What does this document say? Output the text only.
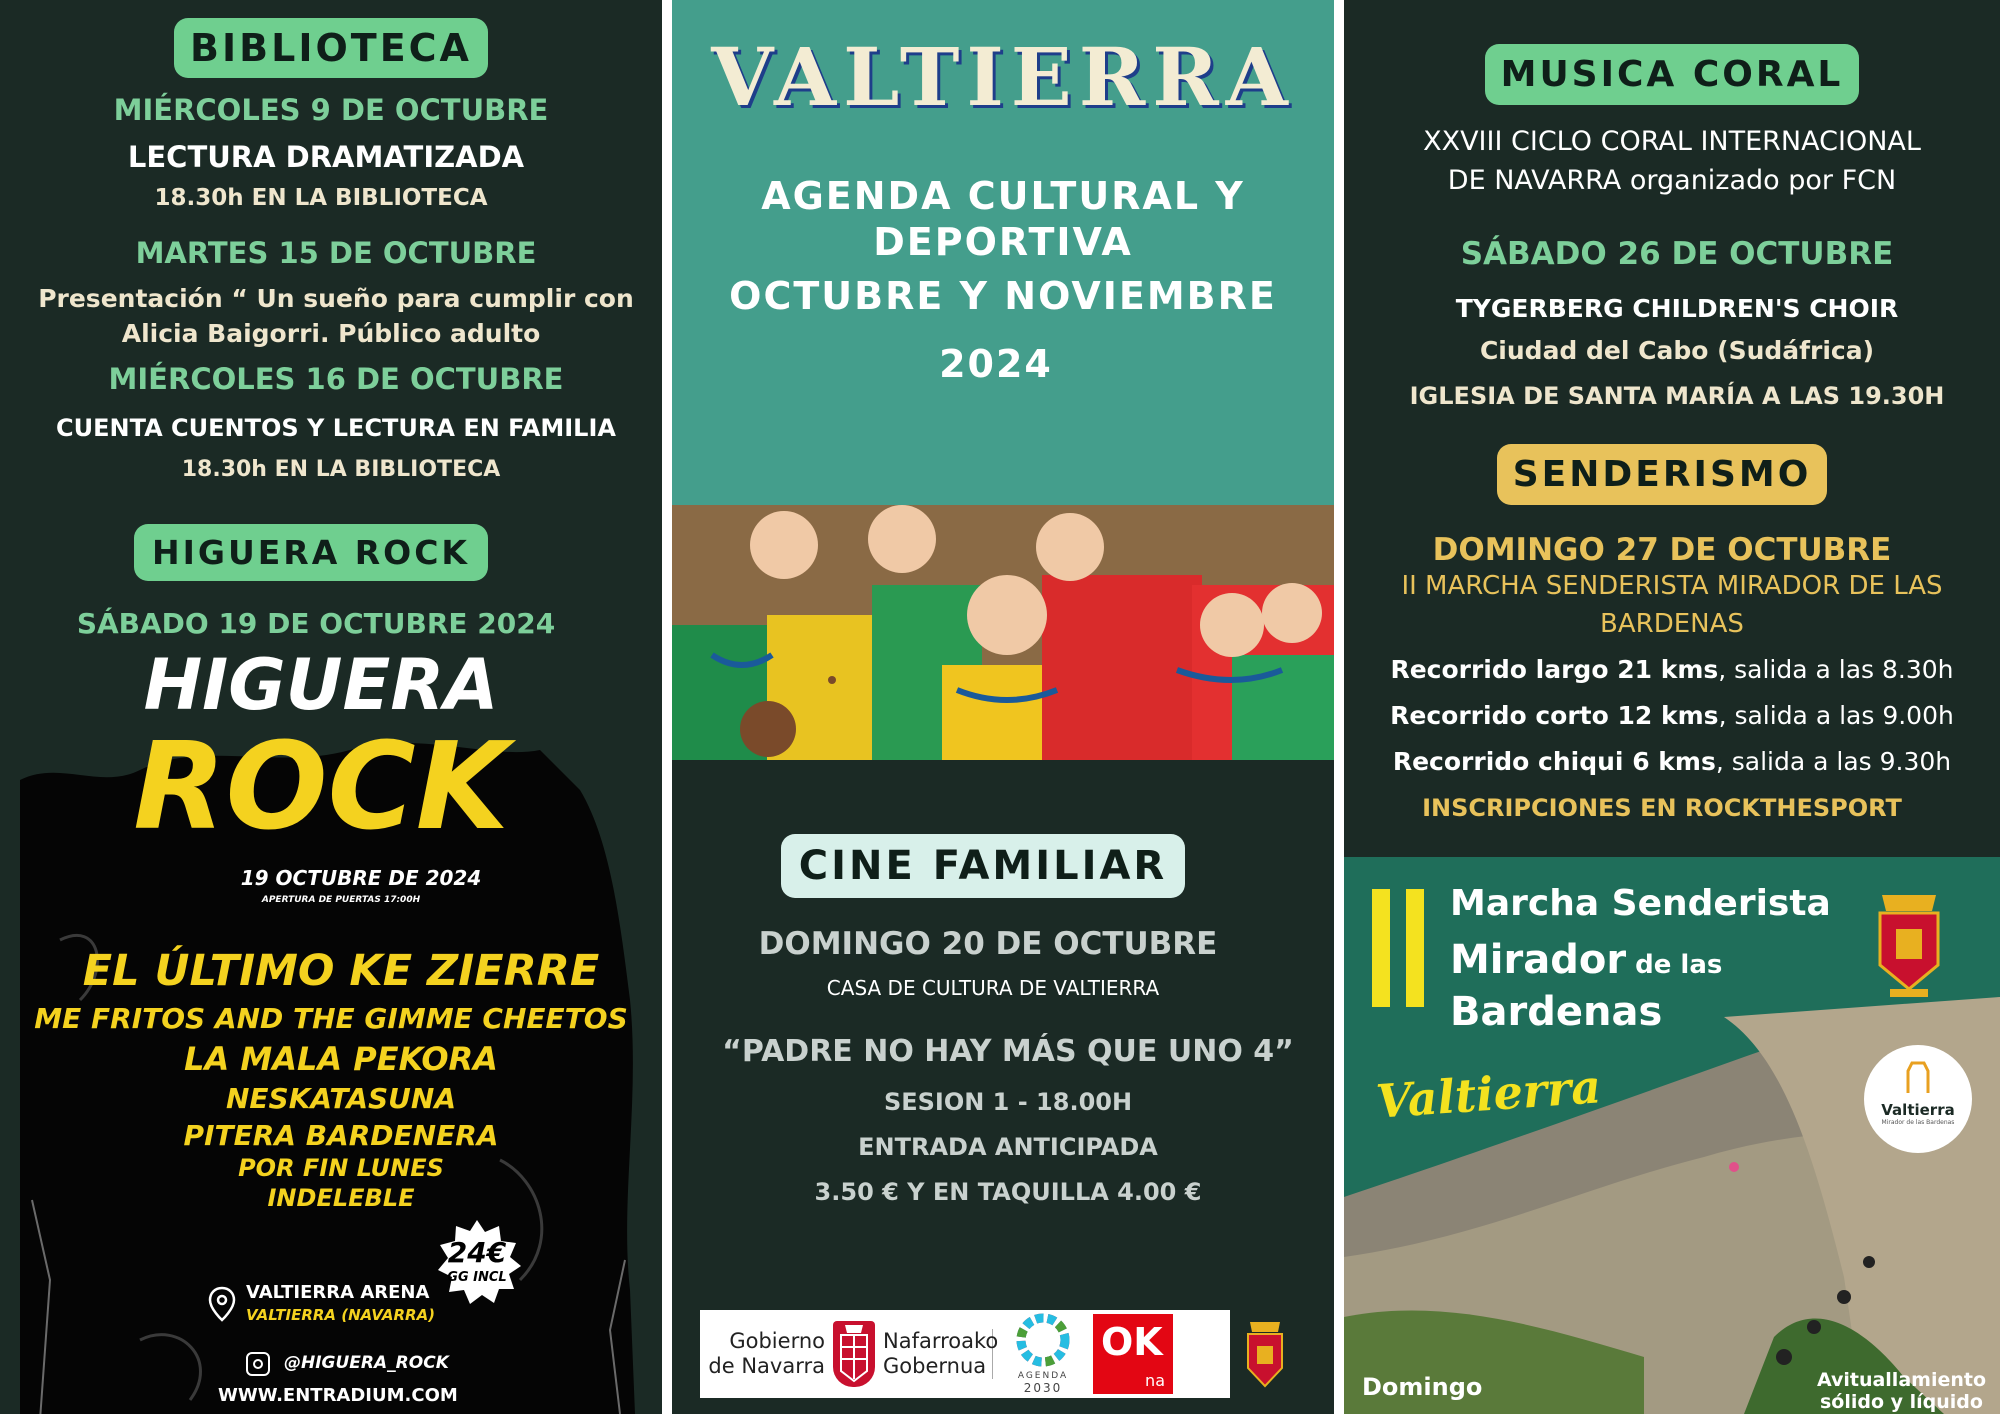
BIBLIOTECA
MIÉRCOLES 9 DE OCTUBRE
LECTURA DRAMATIZADA
18.30h EN LA BIBLIOTECA
MARTES 15 DE OCTUBRE
Presentación “ Un sueño para cumplir con
Alicia Baigorri. Público adulto
MIÉRCOLES 16 DE OCTUBRE
CUENTA CUENTOS Y LECTURA EN FAMILIA
18.30h EN LA BIBLIOTECA
HIGUERA ROCK
SÁBADO 19 DE OCTUBRE 2024
HIGUERA
ROCK
19 OCTUBRE DE 2024
APERTURA DE PUERTAS 17:00H
EL ÚLTIMO KE ZIERRE
ME FRITOS AND THE GIMME CHEETOS
LA MALA PEKORA
NESKATASUNA
PITERA BARDENERA
POR FIN LUNES
INDELEBLE
24€
GG INCL
VALTIERRA ARENA
VALTIERRA (NAVARRA)
@HIGUERA_ROCK
WWW.ENTRADIUM.COM
VALTIERRA
AGENDA CULTURAL Y
DEPORTIVA
OCTUBRE Y NOVIEMBRE
2024
CINE FAMILIAR
DOMINGO 20 DE OCTUBRE
CASA DE CULTURA DE VALTIERRA
“PADRE NO HAY MÁS QUE UNO 4”
SESION 1 - 18.00H
ENTRADA ANTICIPADA
3.50 € Y EN TAQUILLA 4.00 €
Gobierno
de Navarra
Nafarroako
Gobernua	AGENDA
2030
OK
na
MUSICA CORAL
XXVIII CICLO CORAL INTERNACIONAL
DE NAVARRA organizado por FCN
SÁBADO 26 DE OCTUBRE
TYGERBERG CHILDREN'S CHOIR
Ciudad del Cabo (Sudáfrica)
IGLESIA DE SANTA MARÍA A LAS 19.30H
SENDERISMO
DOMINGO 27 DE OCTUBRE
II MARCHA SENDERISTA MIRADOR DE LAS
BARDENAS
Recorrido largo 21 kms, salida a las 8.30h
Recorrido corto 12 kms, salida a las 9.00h
Recorrido chiqui 6 kms, salida a las 9.30h
INSCRIPCIONES EN ROCKTHESPORT
Marcha Senderista
Mirador de las
Bardenas
Valtierra	Valtierra
Mirador de las Bardenas
Domingo	Avituallamiento
sólido y líquido
